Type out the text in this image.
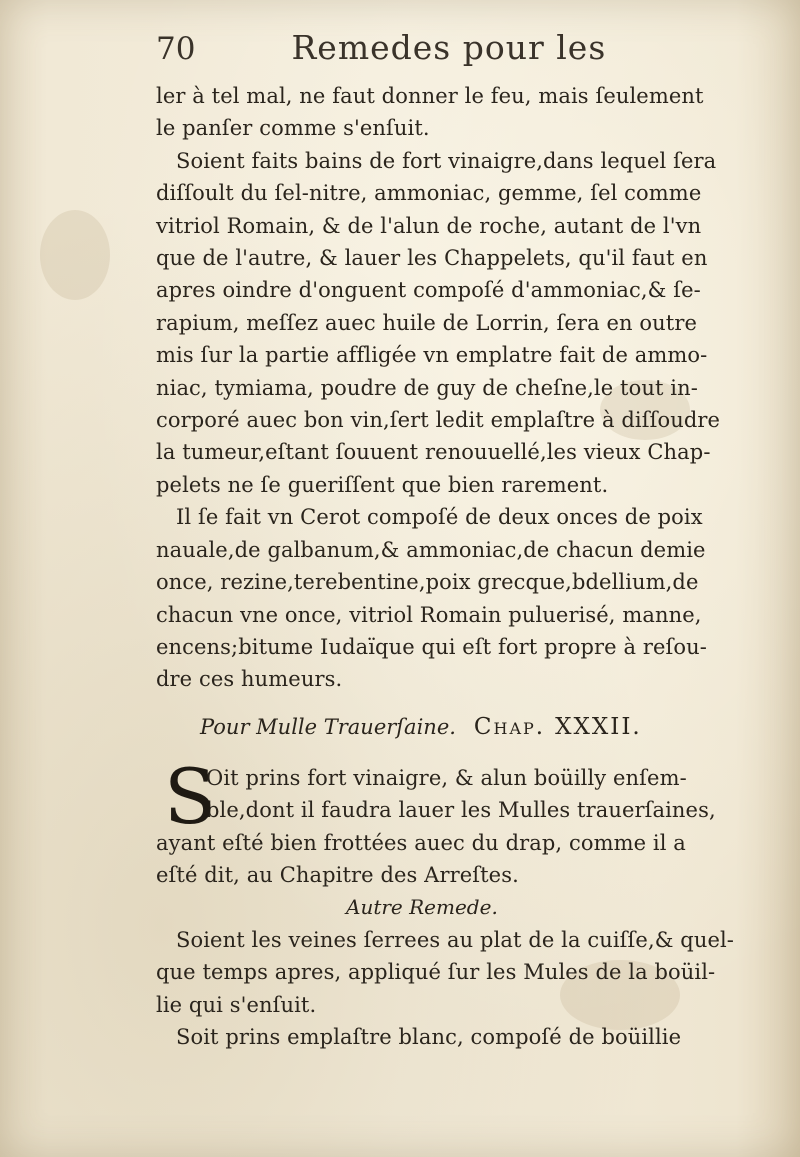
70	Remedes pour les
ler à tel mal, ne faut donner le feu, mais ſeulement
le panſer comme s'enſuit.
Soient faits bains de fort vinaigre,dans lequel ſera
diſſoult du ſel-nitre, ammoniac, gemme, ſel comme
vitriol Romain, & de l'alun de roche, autant de l'vn
que de l'autre, & lauer les Chappelets, qu'il faut en
apres oindre d'onguent compoſé d'ammoniac,& ſe-
rapium, meſſez auec huile de Lorrin, ſera en outre
mis ſur la partie affligée vn emplatre fait de ammo-
niac, tymiama, poudre de guy de cheſne,le tout in-
corporé auec bon vin,ſert ledit emplaſtre à diſſoudre
la tumeur,eſtant ſouuent renouuellé,les vieux Chap-
pelets ne ſe gueriſſent que bien rarement.
Il ſe fait vn Cerot compoſé de deux onces de poix
nauale,de galbanum,& ammoniac,de chacun demie
once, rezine,terebentine,poix grecque,bdellium,de
chacun vne once, vitriol Romain puluerisé, manne,
encens;bitume Iudaïque qui eſt fort propre à reſou-
dre ces humeurs.
Pour Mulle Trauerſaine. Chap. XXXII.
S
Oit prins fort vinaigre, & alun boüilly enſem-
ble,dont il faudra lauer les Mulles trauerſaines,
ayant eſté bien frottées auec du drap, comme il a
eſté dit, au Chapitre des Arreſtes.
Autre Remede.
Soient les veines ſerrees au plat de la cuiſſe,& quel-
que temps apres, appliqué ſur les Mules de la boüil-
lie qui s'enſuit.
Soit prins emplaſtre blanc, compoſé de boüillie
